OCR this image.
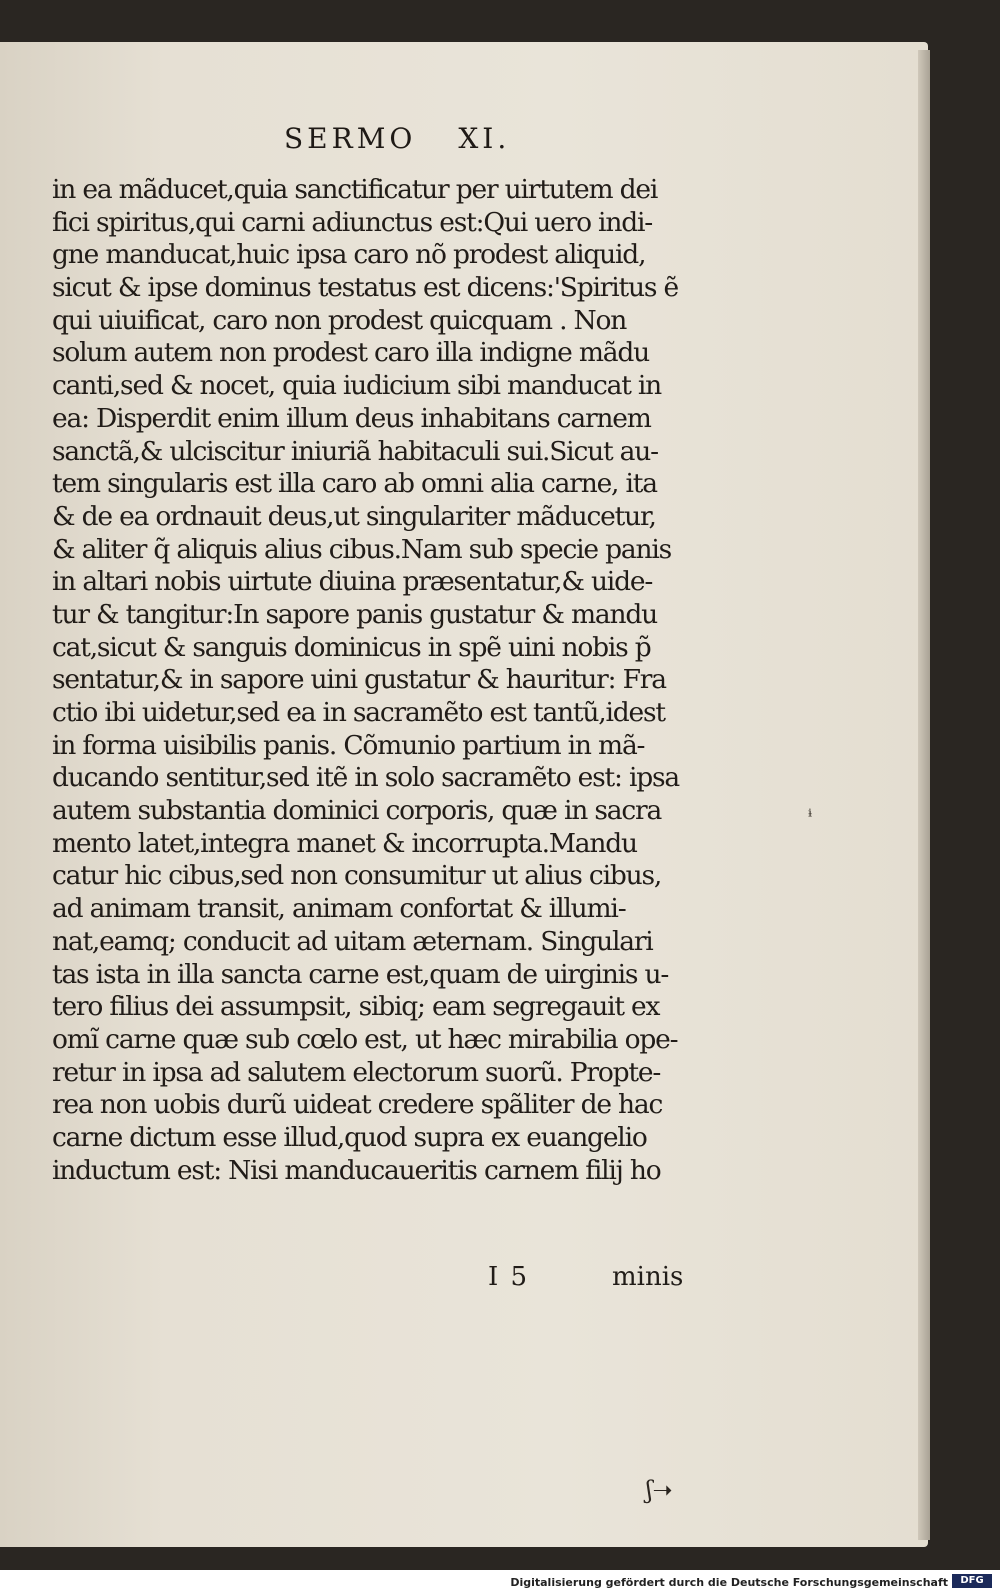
SERMO XI.
in ea mãducet,quia sanctificatur per uirtutem dei
fici spiritus,qui carni adiunctus est:Qui uero indi-
gne manducat,huic ipsa caro nõ prodest aliquid,
sicut & ipse dominus testatus est dicens:'Spiritus ẽ
qui uiuificat, caro non prodest quicquam . Non
solum autem non prodest caro illa indigne mãdu
canti,sed & nocet, quia iudicium sibi manducat in
ea: Disperdit enim illum deus inhabitans carnem
sanctã,& ulciscitur iniuriã habitaculi sui.Sicut au-
tem singularis est illa caro ab omni alia carne, ita
& de ea ordnauit deus,ut singulariter mãducetur,
& aliter q̃ aliquis alius cibus.Nam sub specie panis
in altari nobis uirtute diuina præsentatur,& uide-
tur & tangitur:In sapore panis gustatur & mandu
cat,sicut & sanguis dominicus in spẽ uini nobis p̃
sentatur,& in sapore uini gustatur & hauritur: Fra
ctio ibi uidetur,sed ea in sacramẽto est tantũ,idest
in forma uisibilis panis. Cõmunio partium in mã-
ducando sentitur,sed itẽ in solo sacramẽto est: ipsa
autem substantia dominici corporis, quæ in sacra
mento latet,integra manet & incorrupta.Mandu
catur hic cibus,sed non consumitur ut alius cibus,
ad animam transit, animam confortat & illumi-
nat,eamq; conducit ad uitam æternam. Singulari
tas ista in illa sancta carne est,quam de uirginis u-
tero filius dei assumpsit, sibiq; eam segregauit ex
omĩ carne quæ sub cœlo est, ut hæc mirabilia ope-
retur in ipsa ad salutem electorum suorũ. Propte-
rea non uobis durũ uideat credere spãliter de hac
carne dictum esse illud,quod supra ex euangelio
inductum est: Nisi manducaueritis carnem filij ho
I 5	minis
ᶤ
ʃ➝
Digitalisierung gefördert durch die Deutsche Forschungsgemeinschaft	DFG
